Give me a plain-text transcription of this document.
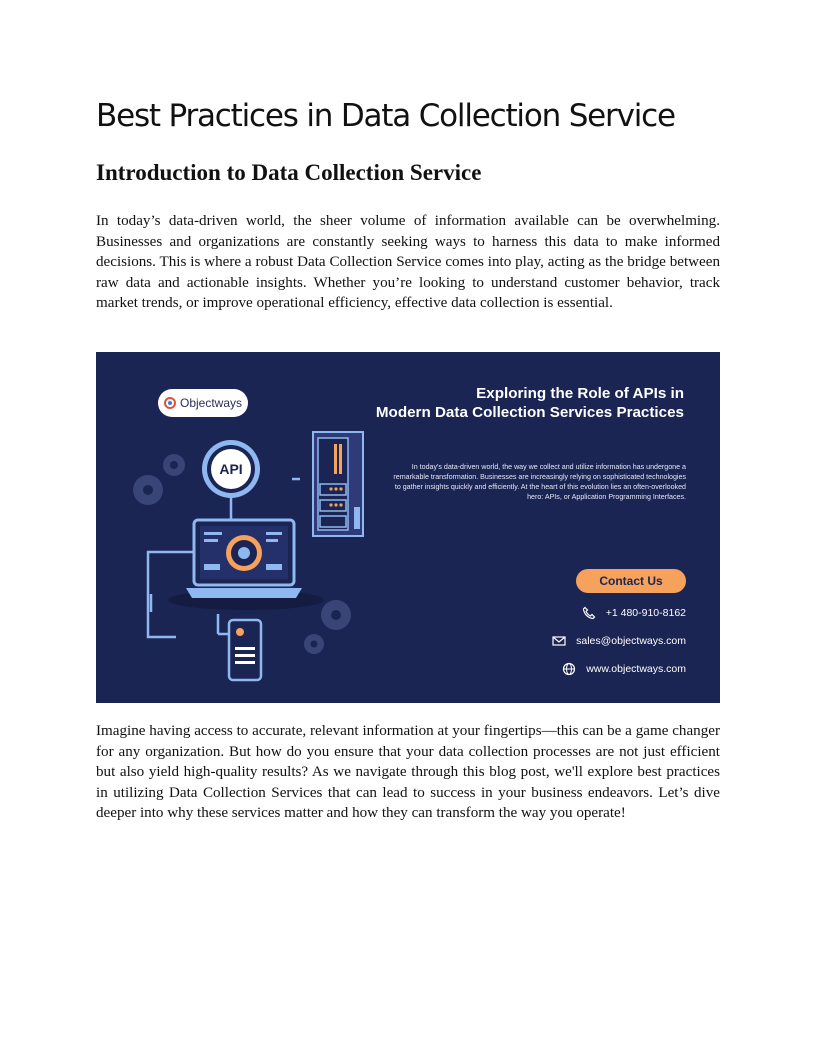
Best Practices in Data Collection Service
Introduction to Data Collection Service

In today’s data-driven world, the sheer volume of information available can be overwhelming. Businesses and organizations are constantly seeking ways to harness this data to make informed decisions. This is where a robust Data Collection Service comes into play, acting as the bridge between raw data and actionable insights. Whether you’re looking to understand customer behavior, track market trends, or improve operational efficiency, effective data collection is essential.

API
Objectways
Exploring the Role of APIs in
Modern Data Collection Services Practices

In today's data-driven world, the way we collect and utilize information has undergone a remarkable transformation. Businesses are increasingly relying on sophisticated technologies to gather insights quickly and efficiently. At the heart of this evolution lies an often-overlooked hero: APIs, or Application Programming Interfaces.

Contact Us
+1 480-910-8162
sales@objectways.com
www.objectways.com

Imagine having access to accurate, relevant information at your fingertips—this can be a game changer for any organization. But how do you ensure that your data collection processes are not just efficient but also yield high-quality results? As we navigate through this blog post, we'll explore best practices in utilizing Data Collection Services that can lead to success in your business endeavors. Let’s dive deeper into why these services matter and how they can transform the way you operate!
